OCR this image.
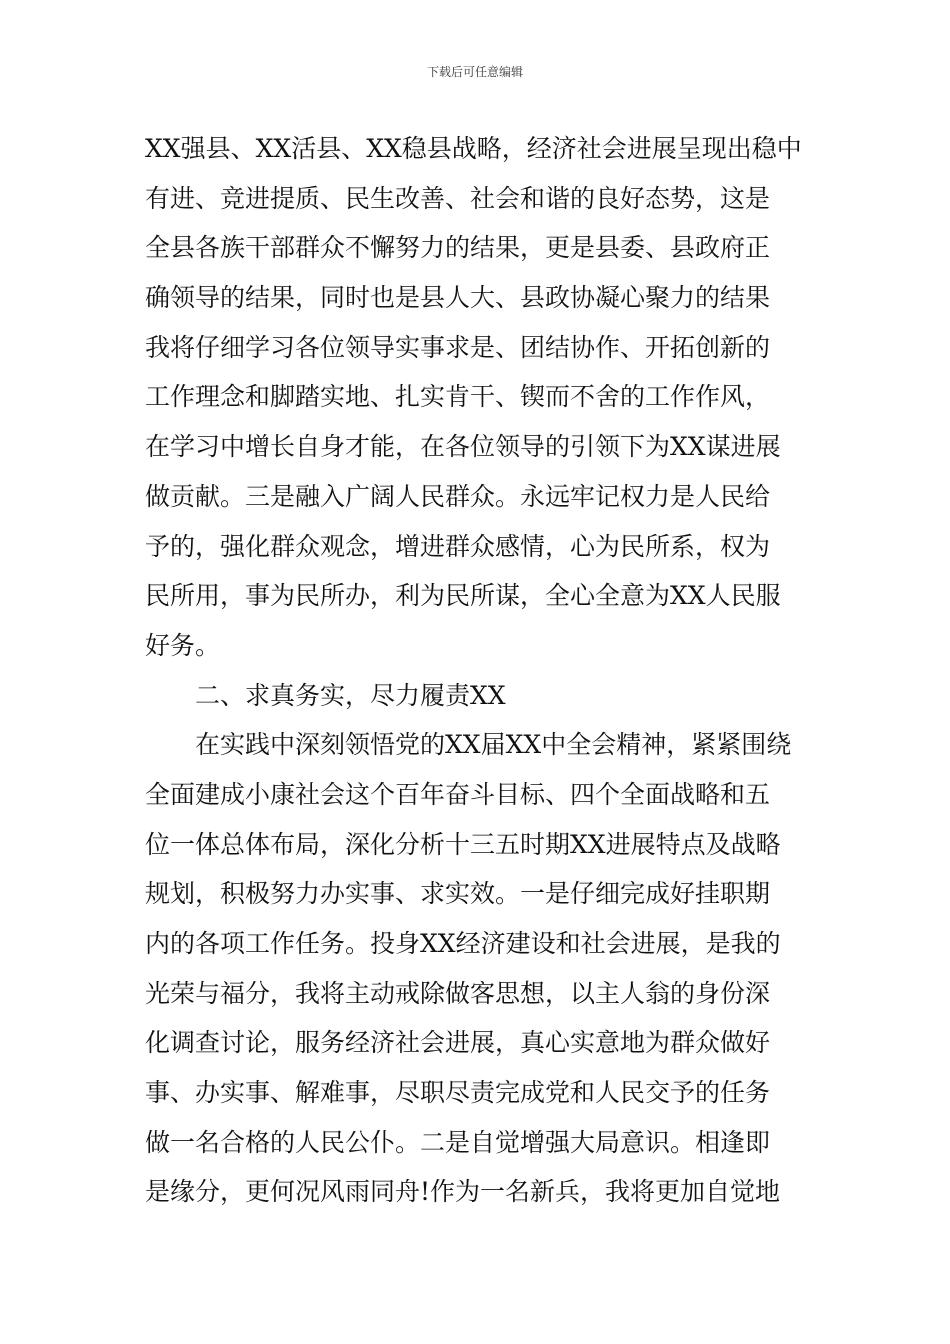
下载后可任意编辑
XX强县、XX活县、XX稳县战略，经济社会进展呈现出稳中
有进、竞进提质、民生改善、社会和谐的良好态势，这是
全县各族干部群众不懈努力的结果，更是县委、县政府正
确领导的结果，同时也是县人大、县政协凝心聚力的结果
我将仔细学习各位领导实事求是、团结协作、开拓创新的
工作理念和脚踏实地、扎实肯干、锲而不舍的工作作风，
在学习中增长自身才能，在各位领导的引领下为XX谋进展
做贡献。三是融入广阔人民群众。永远牢记权力是人民给
予的，强化群众观念，增进群众感情，心为民所系，权为
民所用，事为民所办，利为民所谋，全心全意为XX人民服
好务。
二、求真务实，尽力履责XX
在实践中深刻领悟党的XX届XX中全会精神，紧紧围绕
全面建成小康社会这个百年奋斗目标、四个全面战略和五
位一体总体布局，深化分析十三五时期XX进展特点及战略
规划，积极努力办实事、求实效。一是仔细完成好挂职期
内的各项工作任务。投身XX经济建设和社会进展，是我的
光荣与福分，我将主动戒除做客思想，以主人翁的身份深
化调查讨论，服务经济社会进展，真心实意地为群众做好
事、办实事、解难事，尽职尽责完成党和人民交予的任务
做一名合格的人民公仆。二是自觉增强大局意识。相逢即
是缘分，更何况风雨同舟!作为一名新兵，我将更加自觉地
